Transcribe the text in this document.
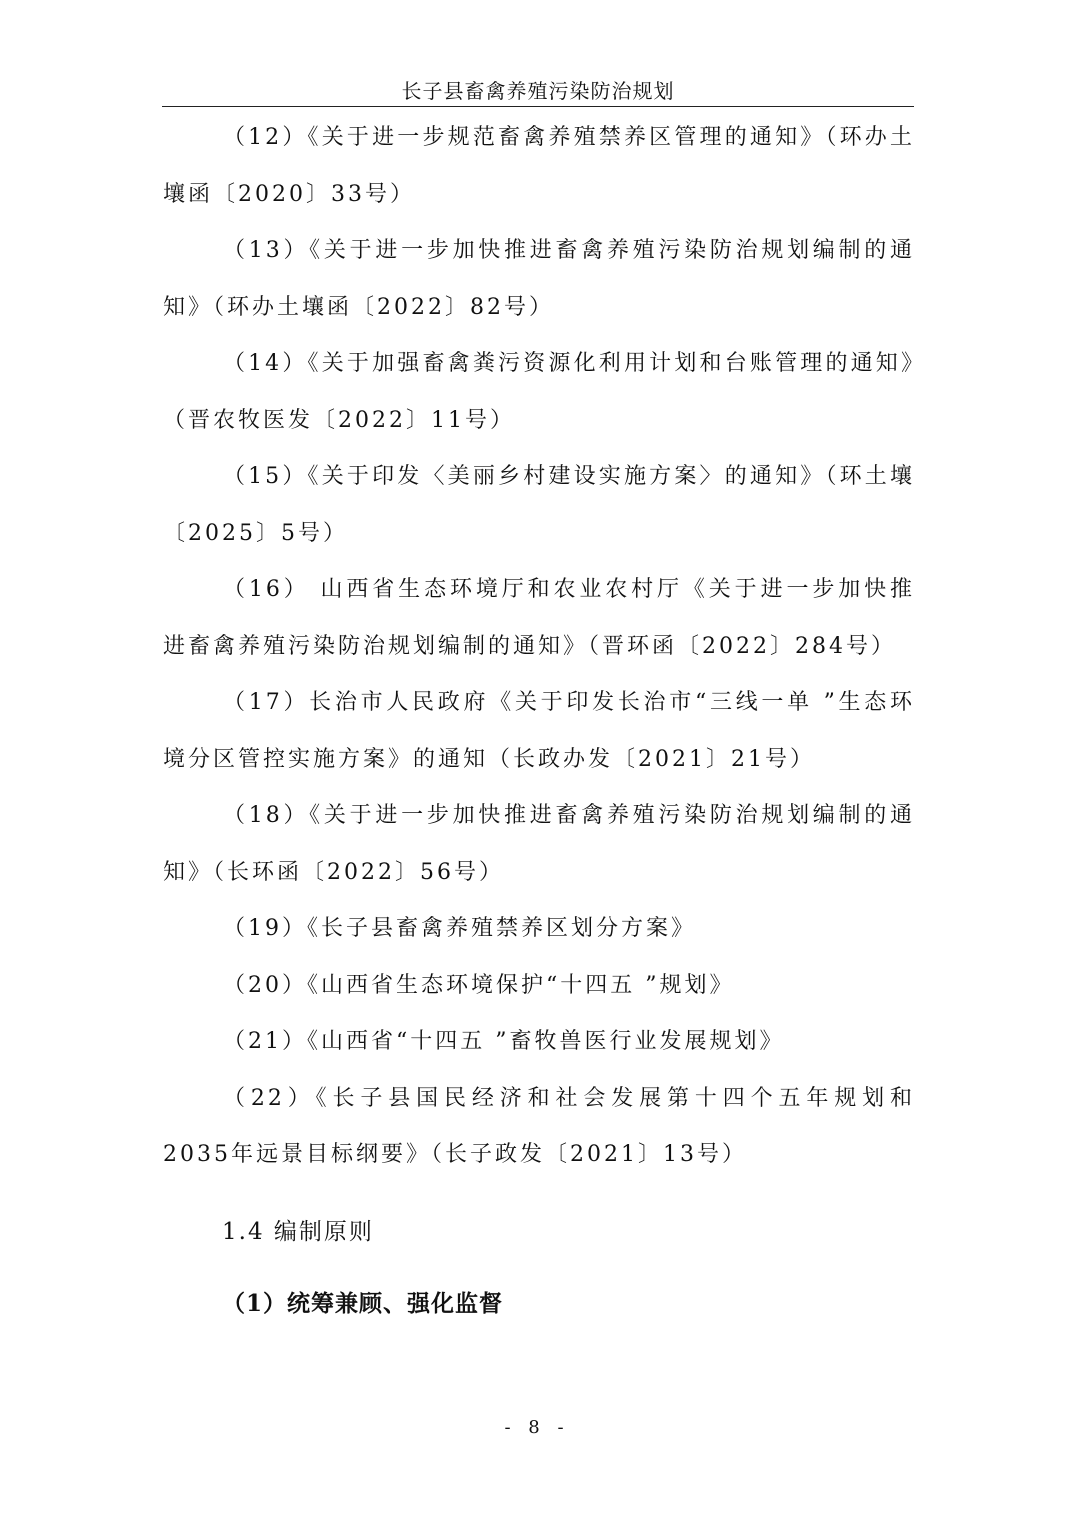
长子县畜禽养殖污染防治规划

（12）《关于进一步规范畜禽养殖禁养区管理的通知》（环办土壤函〔2020〕33号）

（13）《关于进一步加快推进畜禽养殖污染防治规划编制的通知》（环办土壤函〔2022〕82号）

（14）《关于加强畜禽粪污资源化利用计划和台账管理的通知》（晋农牧医发〔2022〕11号）

（15）《关于印发〈美丽乡村建设实施方案〉的通知》（环土壤〔2025〕5号）

（16） 山西省生态环境厅和农业农村厅《关于进一步加快推进畜禽养殖污染防治规划编制的通知》（晋环函〔2022〕284号）

（17）长治市人民政府《关于印发长治市“三线一单 ”生态环境分区管控实施方案》的通知（长政办发〔2021〕21号）

（18）《关于进一步加快推进畜禽养殖污染防治规划编制的通知》（长环函〔2022〕56号）

（19）《长子县畜禽养殖禁养区划分方案》

（20）《山西省生态环境保护“十四五 ”规划》

（21）《山西省“十四五 ”畜牧兽医行业发展规划》

（22）《长子县国民经济和社会发展第十四个五年规划和 2035年远景目标纲要》（长子政发〔2021〕13号）

1.4 编制原则
（1）统筹兼顾、强化监督
- 8 -
